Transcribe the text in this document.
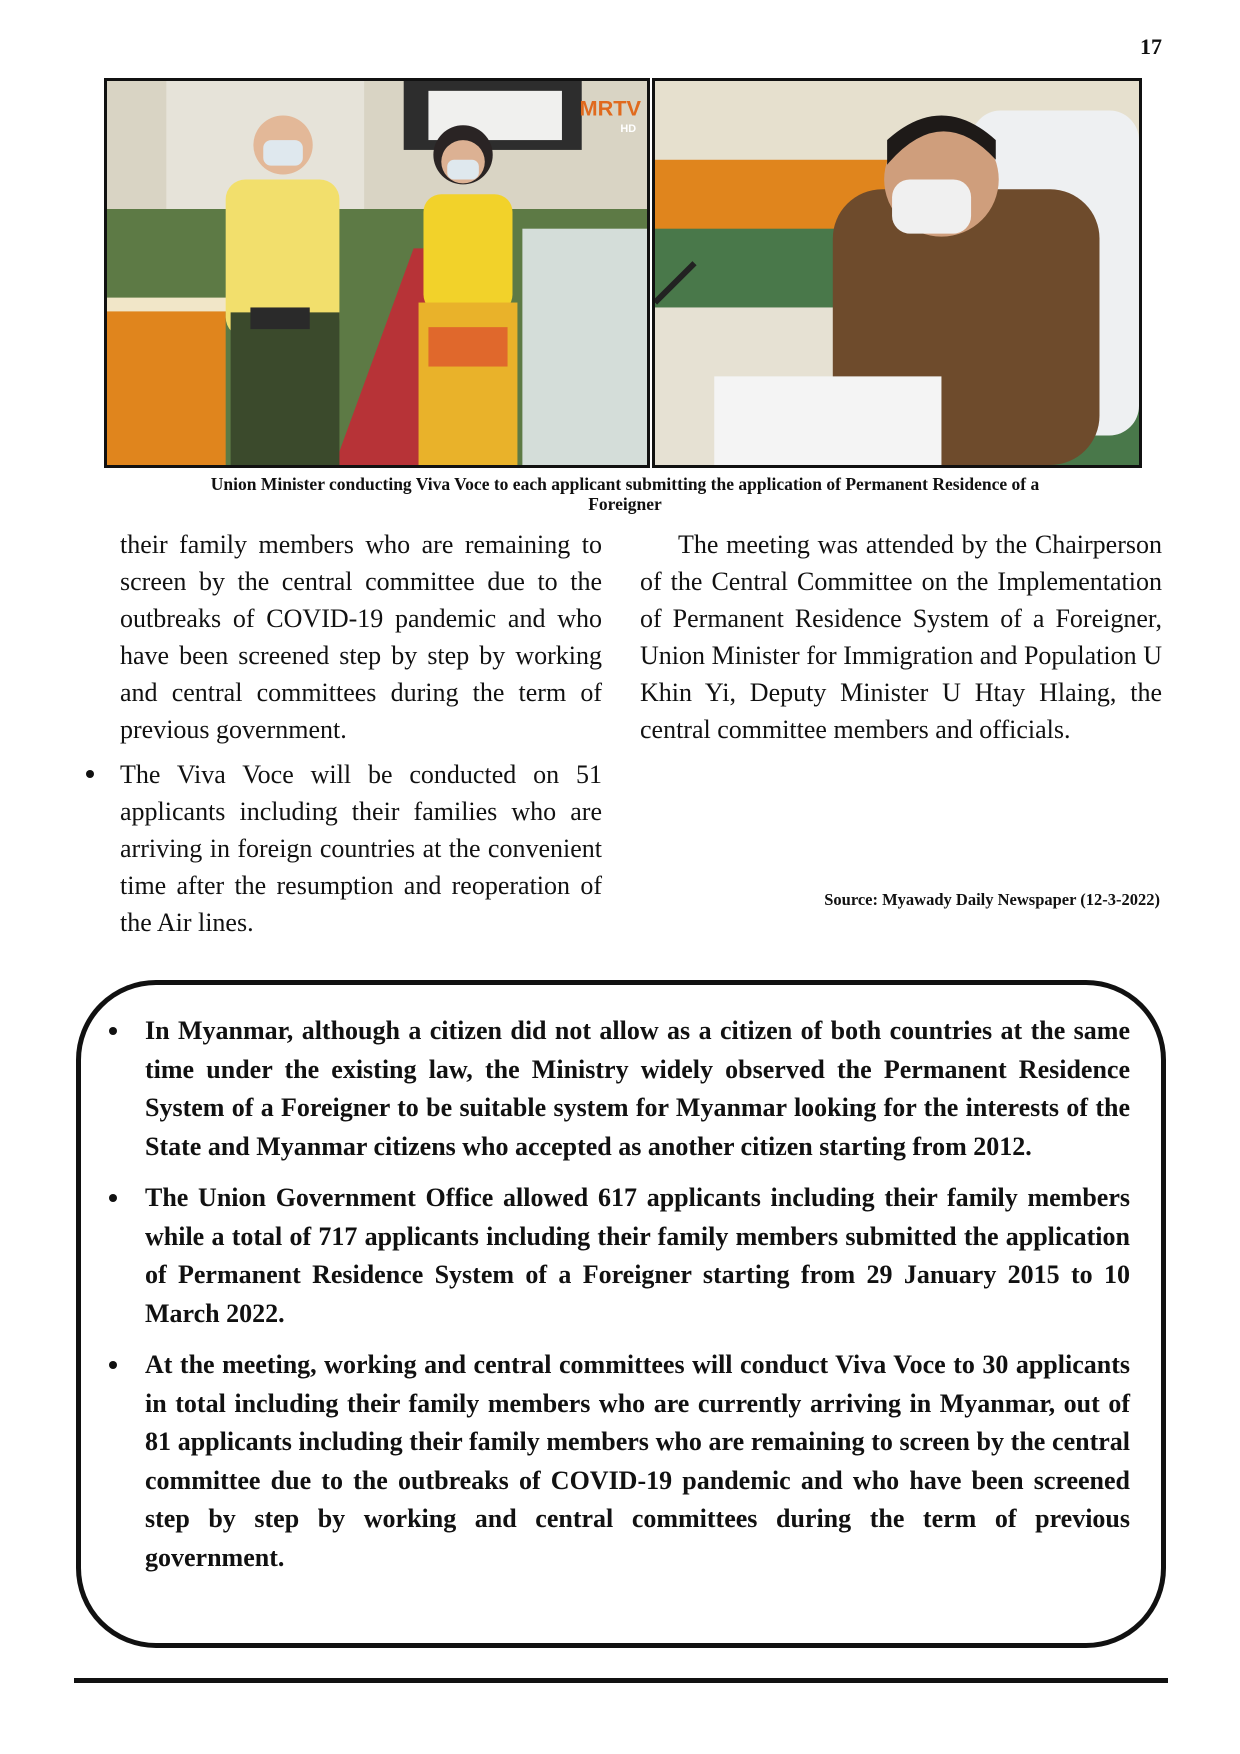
17
MRTV
HD
Union Minister conducting Viva Voce to each applicant submitting the application of Permanent Residence of a
Foreigner

their family members who are remaining to screen by the central committee due to the outbreaks of COVID-19 pandemic and who have been screened step by step by working and central committees during the term of previous government.

The Viva Voce will be conducted on 51 applicants including their families who are arriving in foreign countries at the convenient time after the resumption and reoperation of the Air lines.

The meeting was attended by the Chairperson of the Central Committee on the Implementation of Permanent Residence System of a Foreigner, Union Minister for Immigration and Population U Khin Yi, Deputy Minister U Htay Hlaing, the central committee members and officials.

Source: Myawady Daily Newspaper (12-3-2022)
In Myanmar, although a citizen did not allow as a citizen of both countries at the same time under the existing law, the Ministry widely observed the Permanent Residence System of a Foreigner to be suitable system for Myanmar looking for the interests of the State and Myanmar citizens who accepted as another citizen starting from 2012.
The Union Government Office allowed 617 applicants including their family members while a total of 717 applicants including their family members submitted the application of Permanent Residence System of a Foreigner starting from 29 January 2015 to 10 March 2022.
At the meeting, working and central committees will conduct Viva Voce to 30 applicants in total including their family members who are currently arriving in Myanmar, out of 81 applicants including their family members who are remaining to screen by the central committee due to the outbreaks of COVID-19 pandemic and who have been screened step by step by working and central committees during the term of previous government.
